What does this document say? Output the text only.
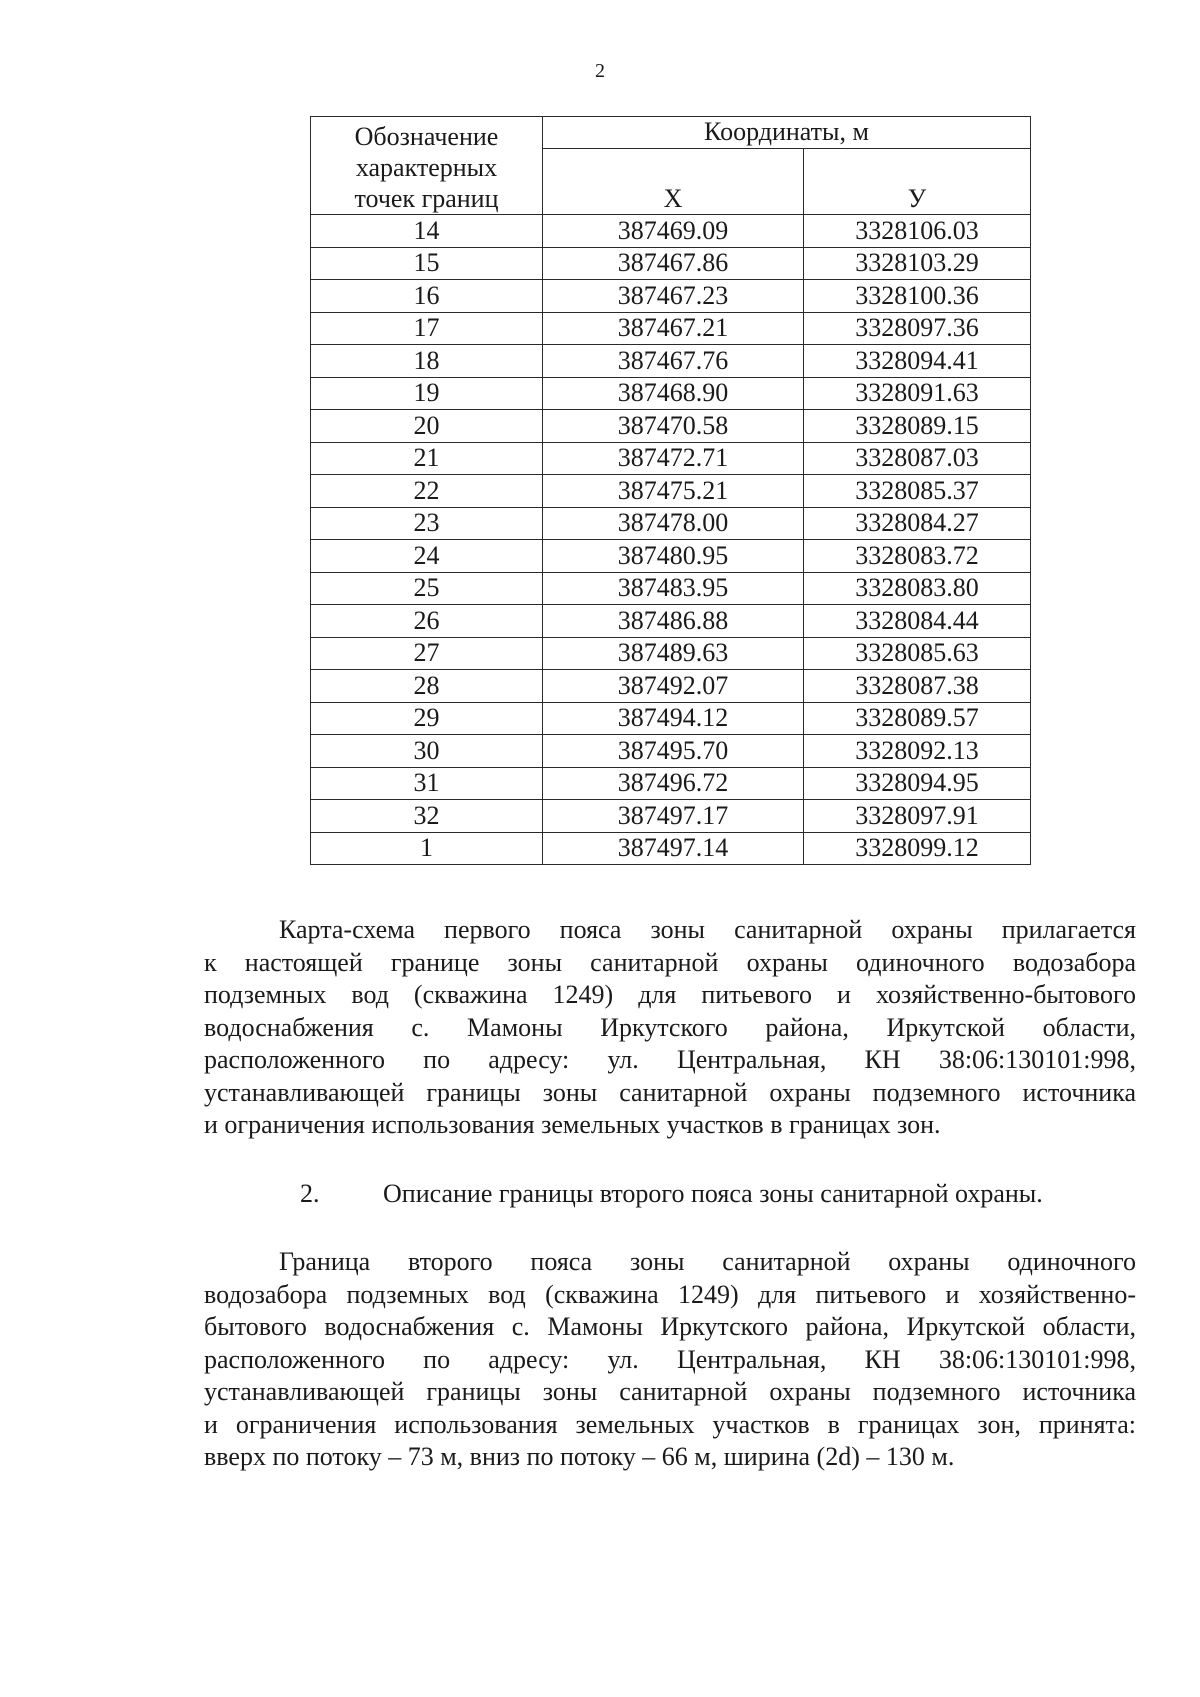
2
Обозначение
характерных
точек границ	Координаты, м	
	X	У
14	387469.09	3328106.03
15	387467.86	3328103.29
16	387467.23	3328100.36
17	387467.21	3328097.36
18	387467.76	3328094.41
19	387468.90	3328091.63
20	387470.58	3328089.15
21	387472.71	3328087.03
22	387475.21	3328085.37
23	387478.00	3328084.27
24	387480.95	3328083.72
25	387483.95	3328083.80
26	387486.88	3328084.44
27	387489.63	3328085.63
28	387492.07	3328087.38
29	387494.12	3328089.57
30	387495.70	3328092.13
31	387496.72	3328094.95
32	387497.17	3328097.91
1	387497.14	3328099.12

Карта-схема первого пояса зоны санитарной охраны прилагается
к настоящей границе зоны санитарной охраны одиночного водозабора
подземных вод (скважина 1249) для питьевого и хозяйственно-бытового
водоснабжения с. Мамоны Иркутского района, Иркутской области,
расположенного по адресу: ул. Центральная, КН 38:06:130101:998,
устанавливающей границы зоны санитарной охраны подземного источника
и ограничения использования земельных участков в границах зон.

2. Описание границы второго пояса зоны санитарной охраны.

Граница второго пояса зоны санитарной охраны одиночного
водозабора подземных вод (скважина 1249) для питьевого и хозяйственно-
бытового водоснабжения с. Мамоны Иркутского района, Иркутской области,
расположенного по адресу: ул. Центральная, КН 38:06:130101:998,
устанавливающей границы зоны санитарной охраны подземного источника
и ограничения использования земельных участков в границах зон, принята:
вверх по потоку – 73 м, вниз по потоку – 66 м, ширина (2d) – 130 м.
